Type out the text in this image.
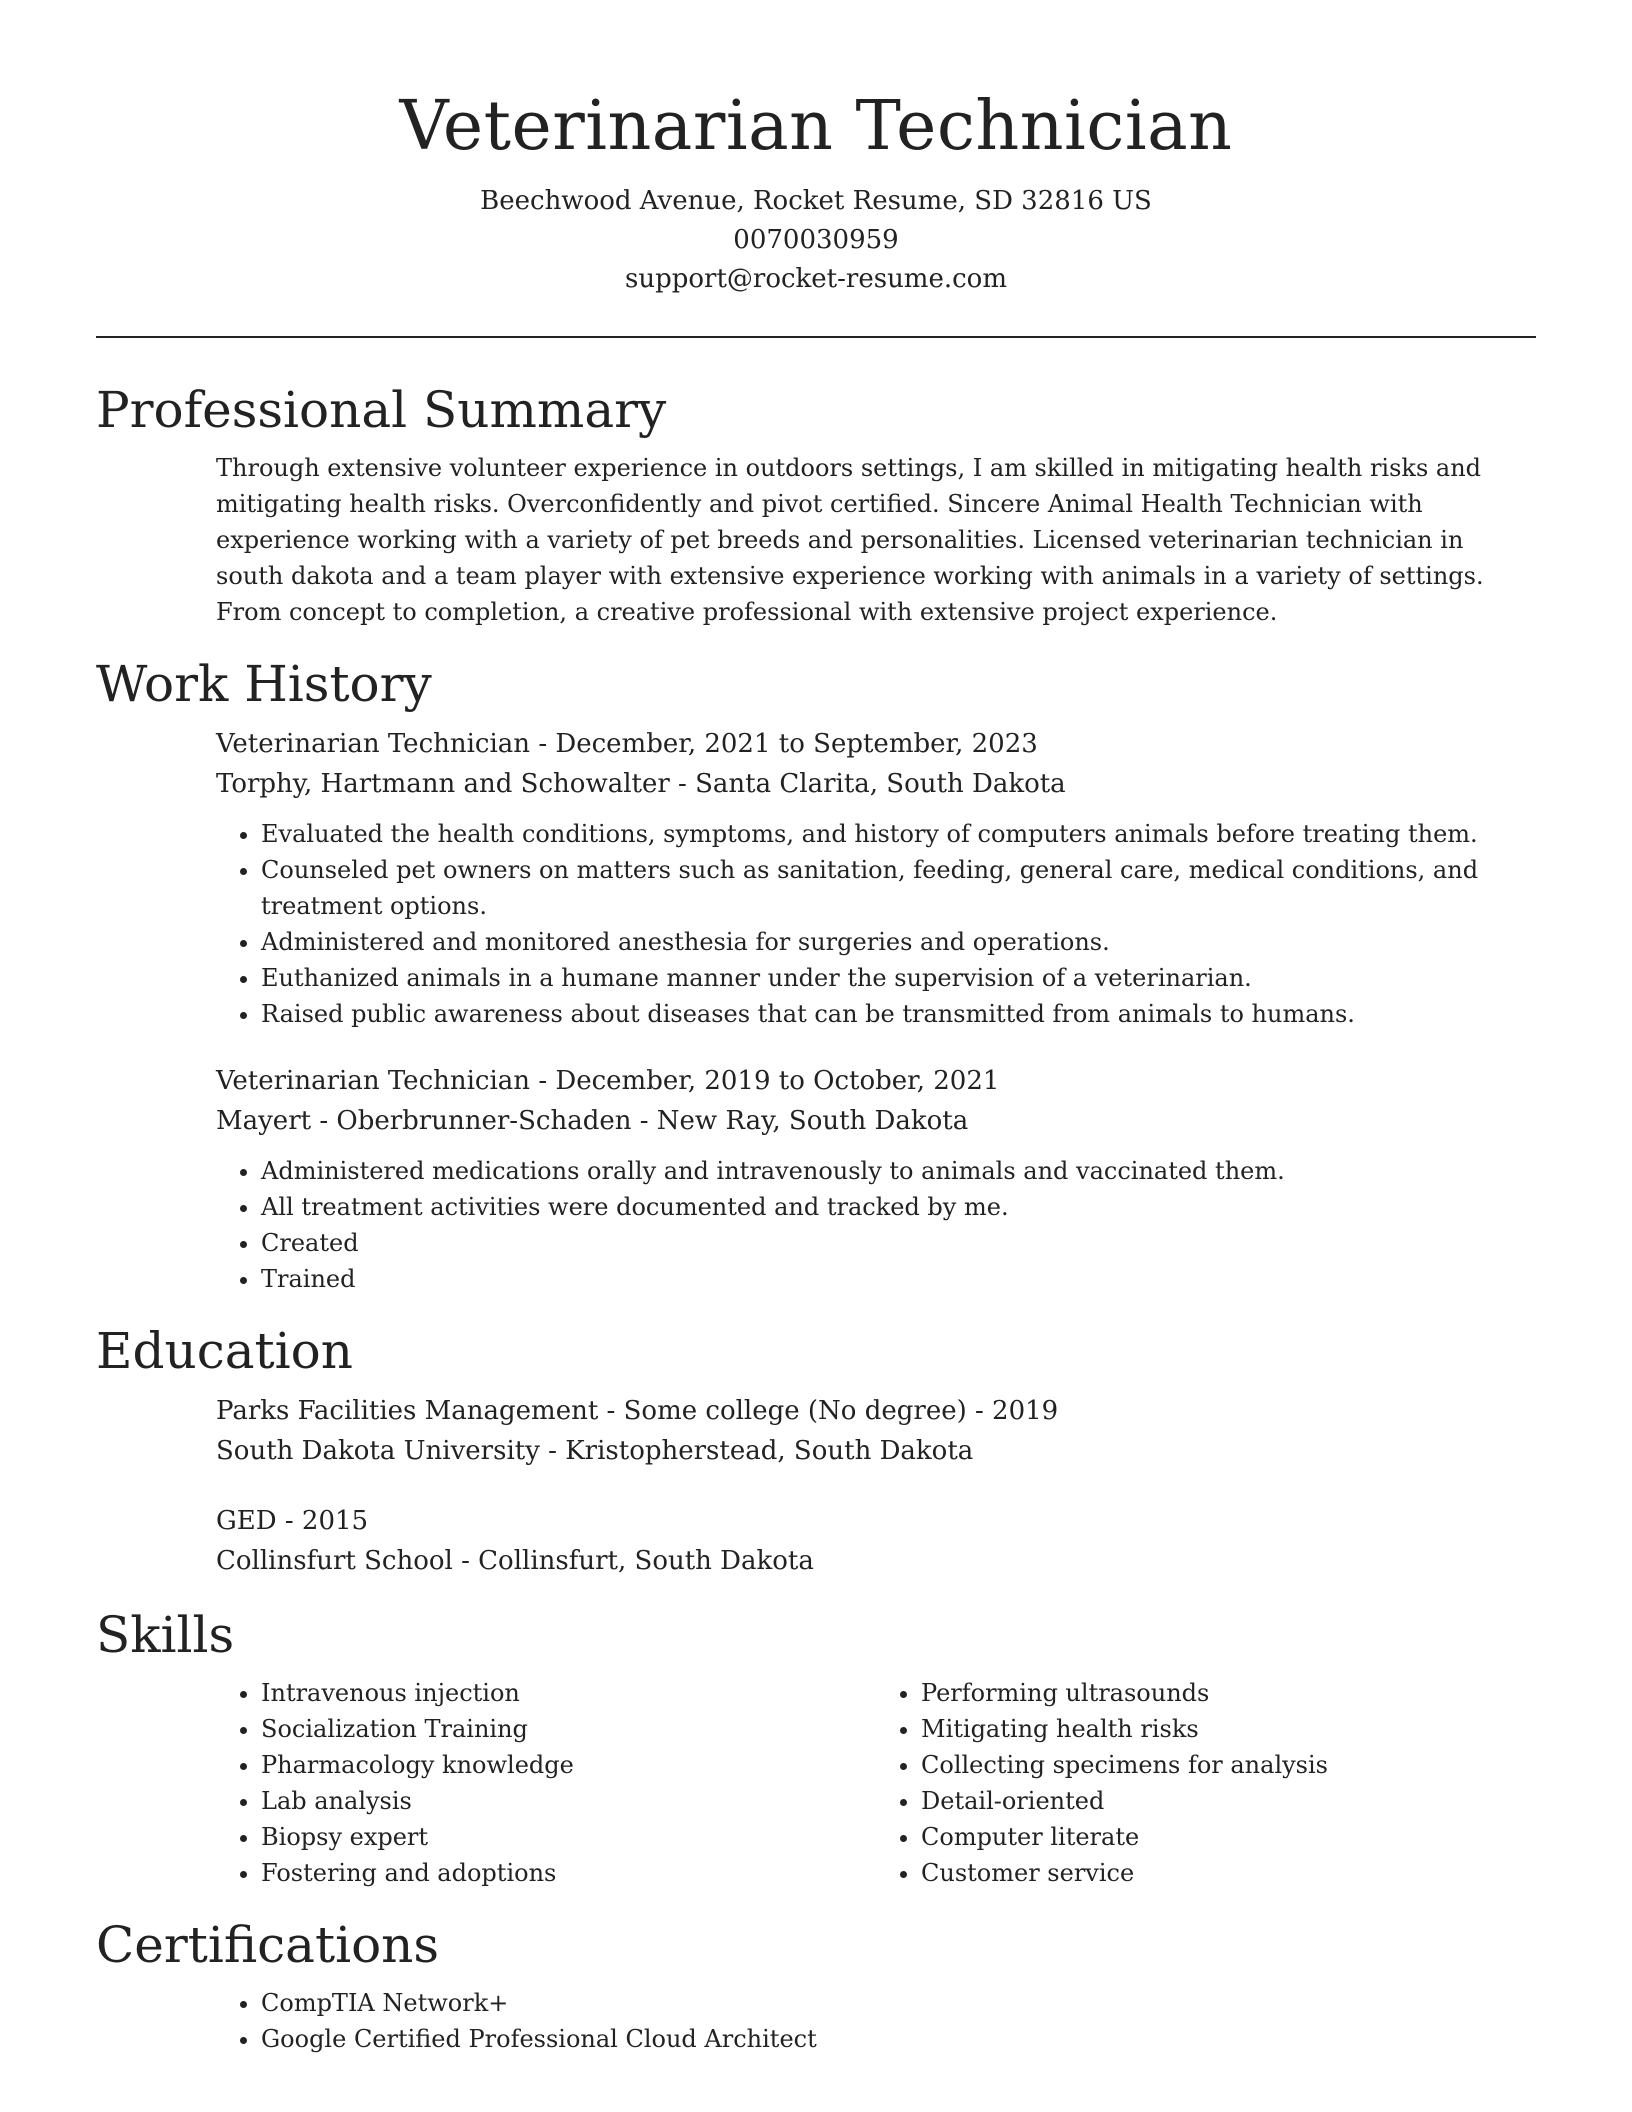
Veterinarian Technician

Beechwood Avenue, Rocket Resume, SD 32816 US

0070030959

support@rocket-resume.com

Professional Summary

Through extensive volunteer experience in outdoors settings, I am skilled in mitigating health risks and mitigating health risks. Overconfidently and pivot certified. Sincere Animal Health Technician with experience working with a variety of pet breeds and personalities. Licensed veterinarian technician in south dakota and a team player with extensive experience working with animals in a variety of settings. From concept to completion, a creative professional with extensive project experience.

Work History

Veterinarian Technician - December, 2021 to September, 2023

Torphy, Hartmann and Schowalter - Santa Clarita, South Dakota

• Evaluated the health conditions, symptoms, and history of computers animals before treating them.
• Counseled pet owners on matters such as sanitation, feeding, general care, medical conditions, and treatment options.
• Administered and monitored anesthesia for surgeries and operations.
• Euthanized animals in a humane manner under the supervision of a veterinarian.
• Raised public awareness about diseases that can be transmitted from animals to humans.

Veterinarian Technician - December, 2019 to October, 2021

Mayert - Oberbrunner-Schaden - New Ray, South Dakota

• Administered medications orally and intravenously to animals and vaccinated them.
• All treatment activities were documented and tracked by me.
• Created
• Trained
Education

Parks Facilities Management - Some college (No degree) - 2019

South Dakota University - Kristopherstead, South Dakota

GED - 2015

Collinsfurt School - Collinsfurt, South Dakota

Skills
• Intravenous injection
• Socialization Training
• Pharmacology knowledge
• Lab analysis
• Biopsy expert
• Fostering and adoptions
• Performing ultrasounds
• Mitigating health risks
• Collecting specimens for analysis
• Detail-oriented
• Computer literate
• Customer service
Certifications
• CompTIA Network+
• Google Certified Professional Cloud Architect
